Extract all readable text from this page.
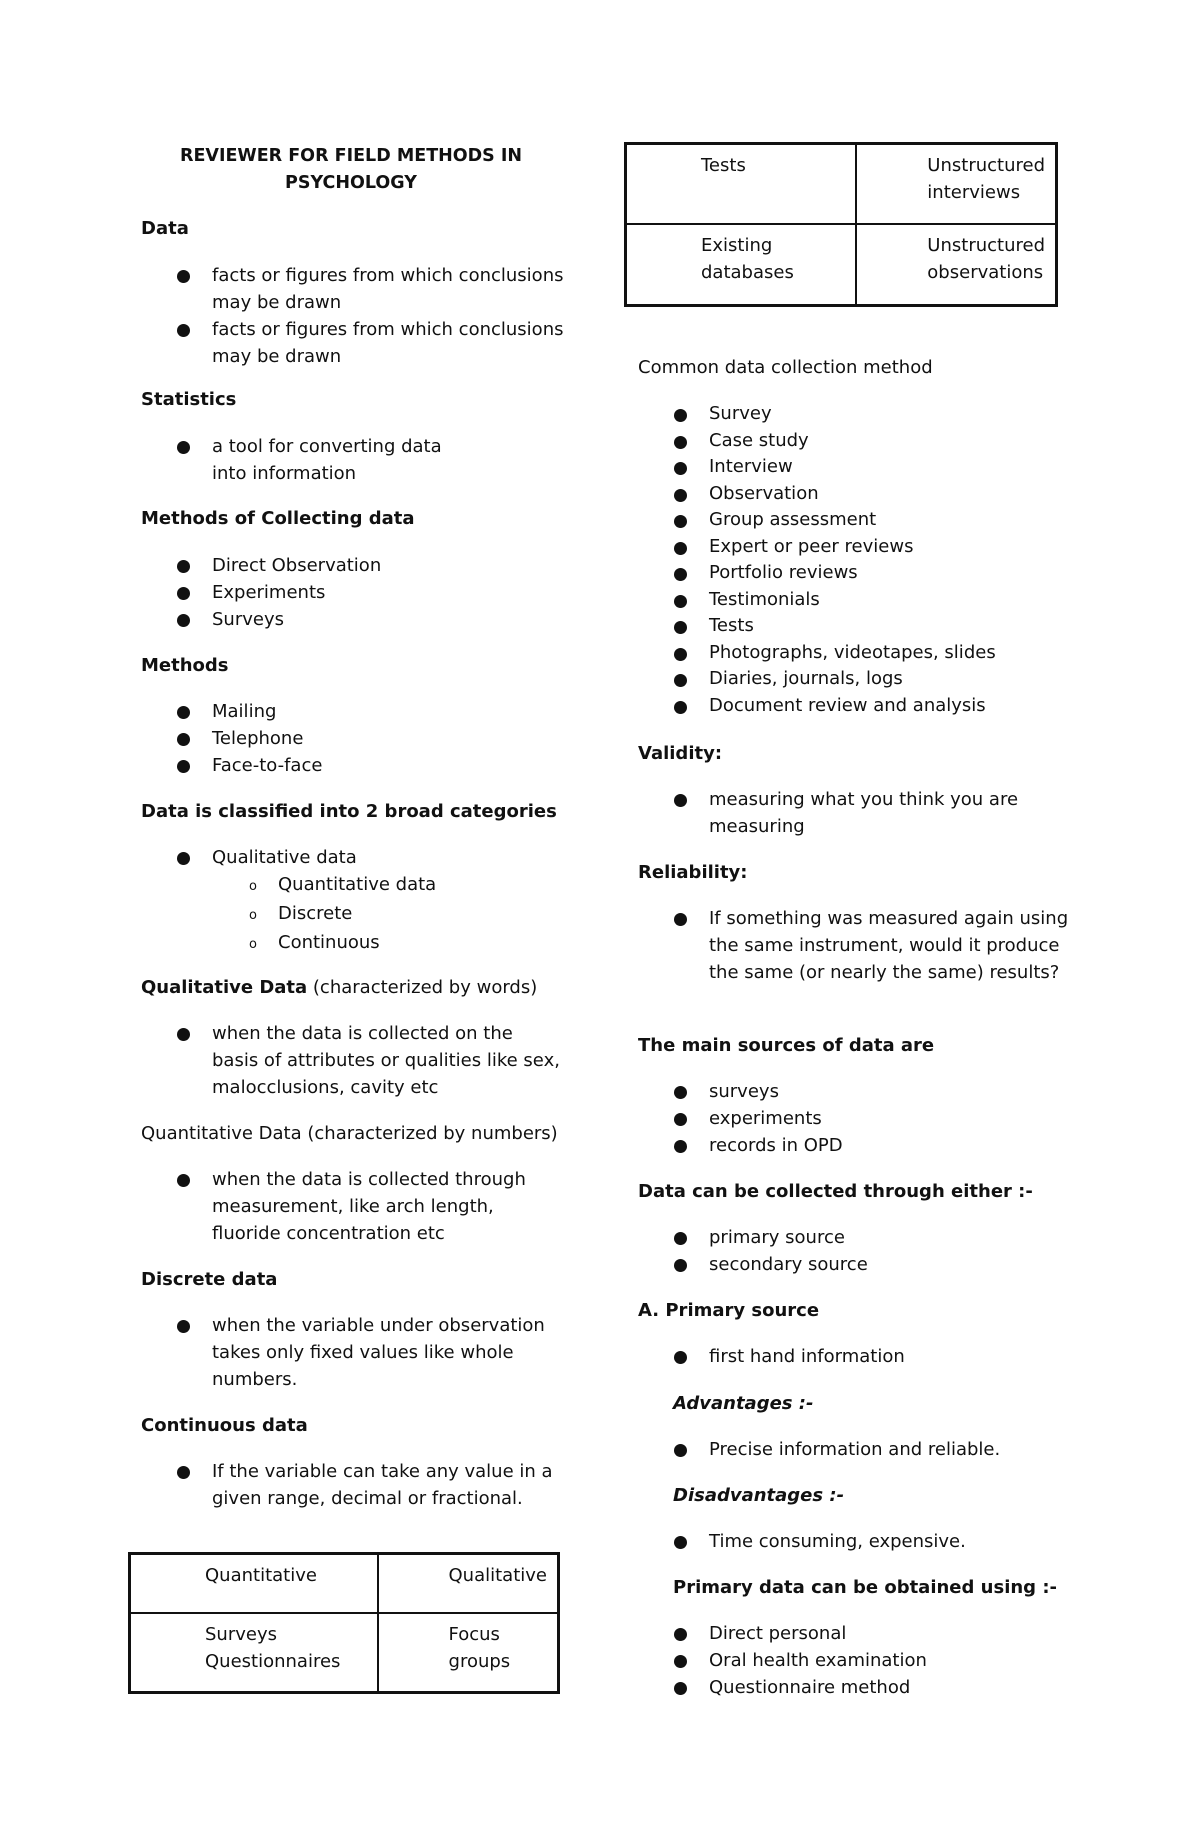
REVIEWER FOR FIELD METHODS IN
PSYCHOLOGY
Data
facts or figures from which conclusions may be drawn
facts or figures from which conclusions may be drawn
Statistics
a tool for converting data into information
Methods of Collecting data
Direct Observation
Experiments
Surveys
Methods
Mailing
Telephone
Face-to-face
Data is classified into 2 broad categories
Qualitative data
o Quantitative data
o Discrete
o Continuous
Qualitative Data (characterized by words)
when the data is collected on the basis of attributes or qualities like sex, malocclusions, cavity etc
Quantitative Data (characterized by numbers)
when the data is collected through measurement, like arch length, fluoride concentration etc
Discrete data
when the variable under observation takes only fixed values like whole numbers.
Continuous data
If the variable can take any value in a given range, decimal or fractional.
Quantitative	Qualitative
Surveys Questionnaires	Focus groups
Tests	Unstructured interviews
Existing databases	Unstructured observations
Common data collection method
Survey
Case study
Interview
Observation
Group assessment
Expert or peer reviews
Portfolio reviews
Testimonials
Tests
Photographs, videotapes, slides
Diaries, journals, logs
Document review and analysis
Validity:
measuring what you think you are measuring
Reliability:
If something was measured again using the same instrument, would it produce the same (or nearly the same) results?
The main sources of data are
surveys
experiments
records in OPD
Data can be collected through either :-
primary source
secondary source
A. Primary source
first hand information
Advantages :-
Precise information and reliable.
Disadvantages :-
Time consuming, expensive.
Primary data can be obtained using :-
Direct personal
Oral health examination
Questionnaire method
